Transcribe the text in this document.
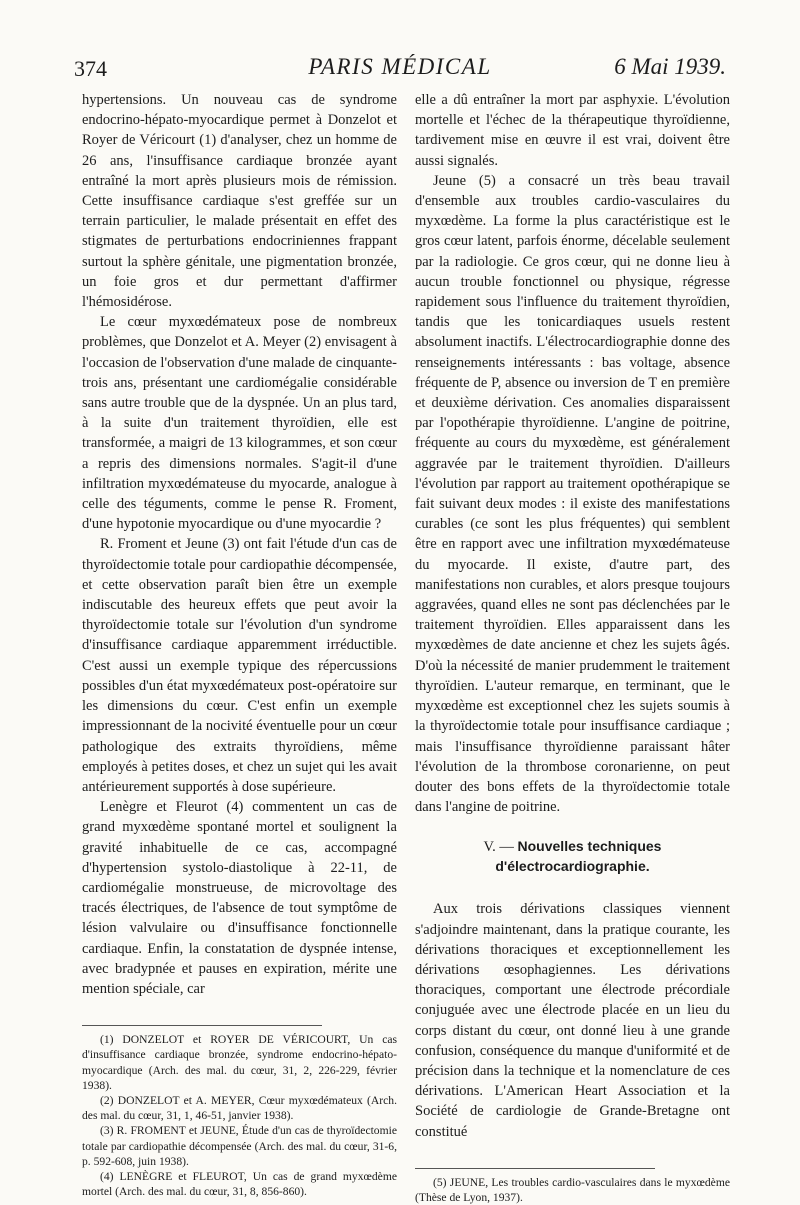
374	PARIS MÉDICAL	6 Mai 1939.

hypertensions. Un nouveau cas de syndrome endocrino-hépato-myocardique permet à Donzelot et Royer de Véricourt (1) d'analyser, chez un homme de 26 ans, l'insuffisance cardiaque bronzée ayant entraîné la mort après plusieurs mois de rémission. Cette insuffisance cardiaque s'est greffée sur un terrain particulier, le malade présentait en effet des stigmates de perturbations endocriniennes frappant surtout la sphère génitale, une pigmentation bronzée, un foie gros et dur permettant d'affirmer l'hémosidérose.

Le cœur myxœdémateux pose de nombreux problèmes, que Donzelot et A. Meyer (2) envisagent à l'occasion de l'observation d'une malade de cinquante-trois ans, présentant une cardiomégalie considérable sans autre trouble que de la dyspnée. Un an plus tard, à la suite d'un traitement thyroïdien, elle est transformée, a maigri de 13 kilogrammes, et son cœur a repris des dimensions normales. S'agit-il d'une infiltration myxœdémateuse du myocarde, analogue à celle des téguments, comme le pense R. Froment, d'une hypotonie myocardique ou d'une myocardie ?

R. Froment et Jeune (3) ont fait l'étude d'un cas de thyroïdectomie totale pour cardiopathie décompensée, et cette observation paraît bien être un exemple indiscutable des heureux effets que peut avoir la thyroïdectomie totale sur l'évolution d'un syndrome d'insuffisance cardiaque apparemment irréductible. C'est aussi un exemple typique des répercussions possibles d'un état myxœdémateux post-opératoire sur les dimensions du cœur. C'est enfin un exemple impressionnant de la nocivité éventuelle pour un cœur pathologique des extraits thyroïdiens, même employés à petites doses, et chez un sujet qui les avait antérieurement supportés à dose supérieure.

Lenègre et Fleurot (4) commentent un cas de grand myxœdème spontané mortel et soulignent la gravité inhabituelle de ce cas, accompagné d'hypertension systolo-diastolique à 22-11, de cardiomégalie monstrueuse, de microvoltage des tracés électriques, de l'absence de tout symptôme de lésion valvulaire ou d'insuffisance fonctionnelle cardiaque. Enfin, la constatation de dyspnée intense, avec bradypnée et pauses en expiration, mérite une mention spéciale, car

(1) DONZELOT et ROYER DE VÉRICOURT, Un cas d'insuffisance cardiaque bronzée, syndrome endocrino-hépato-myocardique (Arch. des mal. du cœur, 31, 2, 226-229, février 1938).

(2) DONZELOT et A. MEYER, Cœur myxœdémateux (Arch. des mal. du cœur, 31, 1, 46-51, janvier 1938).

(3) R. FROMENT et JEUNE, Étude d'un cas de thyroïdectomie totale par cardiopathie décompensée (Arch. des mal. du cœur, 31-6, p. 592-608, juin 1938).

(4) LENÈGRE et FLEUROT, Un cas de grand myxœdème mortel (Arch. des mal. du cœur, 31, 8, 856-860).

elle a dû entraîner la mort par asphyxie. L'évolution mortelle et l'échec de la thérapeutique thyroïdienne, tardivement mise en œuvre il est vrai, doivent être aussi signalés.

Jeune (5) a consacré un très beau travail d'ensemble aux troubles cardio-vasculaires du myxœdème. La forme la plus caractéristique est le gros cœur latent, parfois énorme, décelable seulement par la radiologie. Ce gros cœur, qui ne donne lieu à aucun trouble fonctionnel ou physique, régresse rapidement sous l'influence du traitement thyroïdien, tandis que les tonicardiaques usuels restent absolument inactifs. L'électrocardiographie donne des renseignements intéressants : bas voltage, absence fréquente de P, absence ou inversion de T en première et deuxième dérivation. Ces anomalies disparaissent par l'opothérapie thyroïdienne. L'angine de poitrine, fréquente au cours du myxœdème, est généralement aggravée par le traitement thyroïdien. D'ailleurs l'évolution par rapport au traitement opothérapique se fait suivant deux modes : il existe des manifestations curables (ce sont les plus fréquentes) qui semblent être en rapport avec une infiltration myxœdémateuse du myocarde. Il existe, d'autre part, des manifestations non curables, et alors presque toujours aggravées, quand elles ne sont pas déclenchées par le traitement thyroïdien. Elles apparaissent dans les myxœdèmes de date ancienne et chez les sujets âgés. D'où la nécessité de manier prudemment le traitement thyroïdien. L'auteur remarque, en terminant, que le myxœdème est exceptionnel chez les sujets soumis à la thyroïdectomie totale pour insuffisance cardiaque ; mais l'insuffisance thyroïdienne paraissant hâter l'évolution de la thrombose coronarienne, on peut douter des bons effets de la thyroïdectomie totale dans l'angine de poitrine.

V. — Nouvelles techniques d'électrocardiographie.

Aux trois dérivations classiques viennent s'adjoindre maintenant, dans la pratique courante, les dérivations thoraciques et exceptionnellement les dérivations œsophagiennes. Les dérivations thoraciques, comportant une électrode précordiale conjuguée avec une électrode placée en un lieu du corps distant du cœur, ont donné lieu à une grande confusion, conséquence du manque d'uniformité et de précision dans la technique et la nomenclature de ces dérivations. L'American Heart Association et la Société de cardiologie de Grande-Bretagne ont constitué

(5) JEUNE, Les troubles cardio-vasculaires dans le myxœdème (Thèse de Lyon, 1937).
